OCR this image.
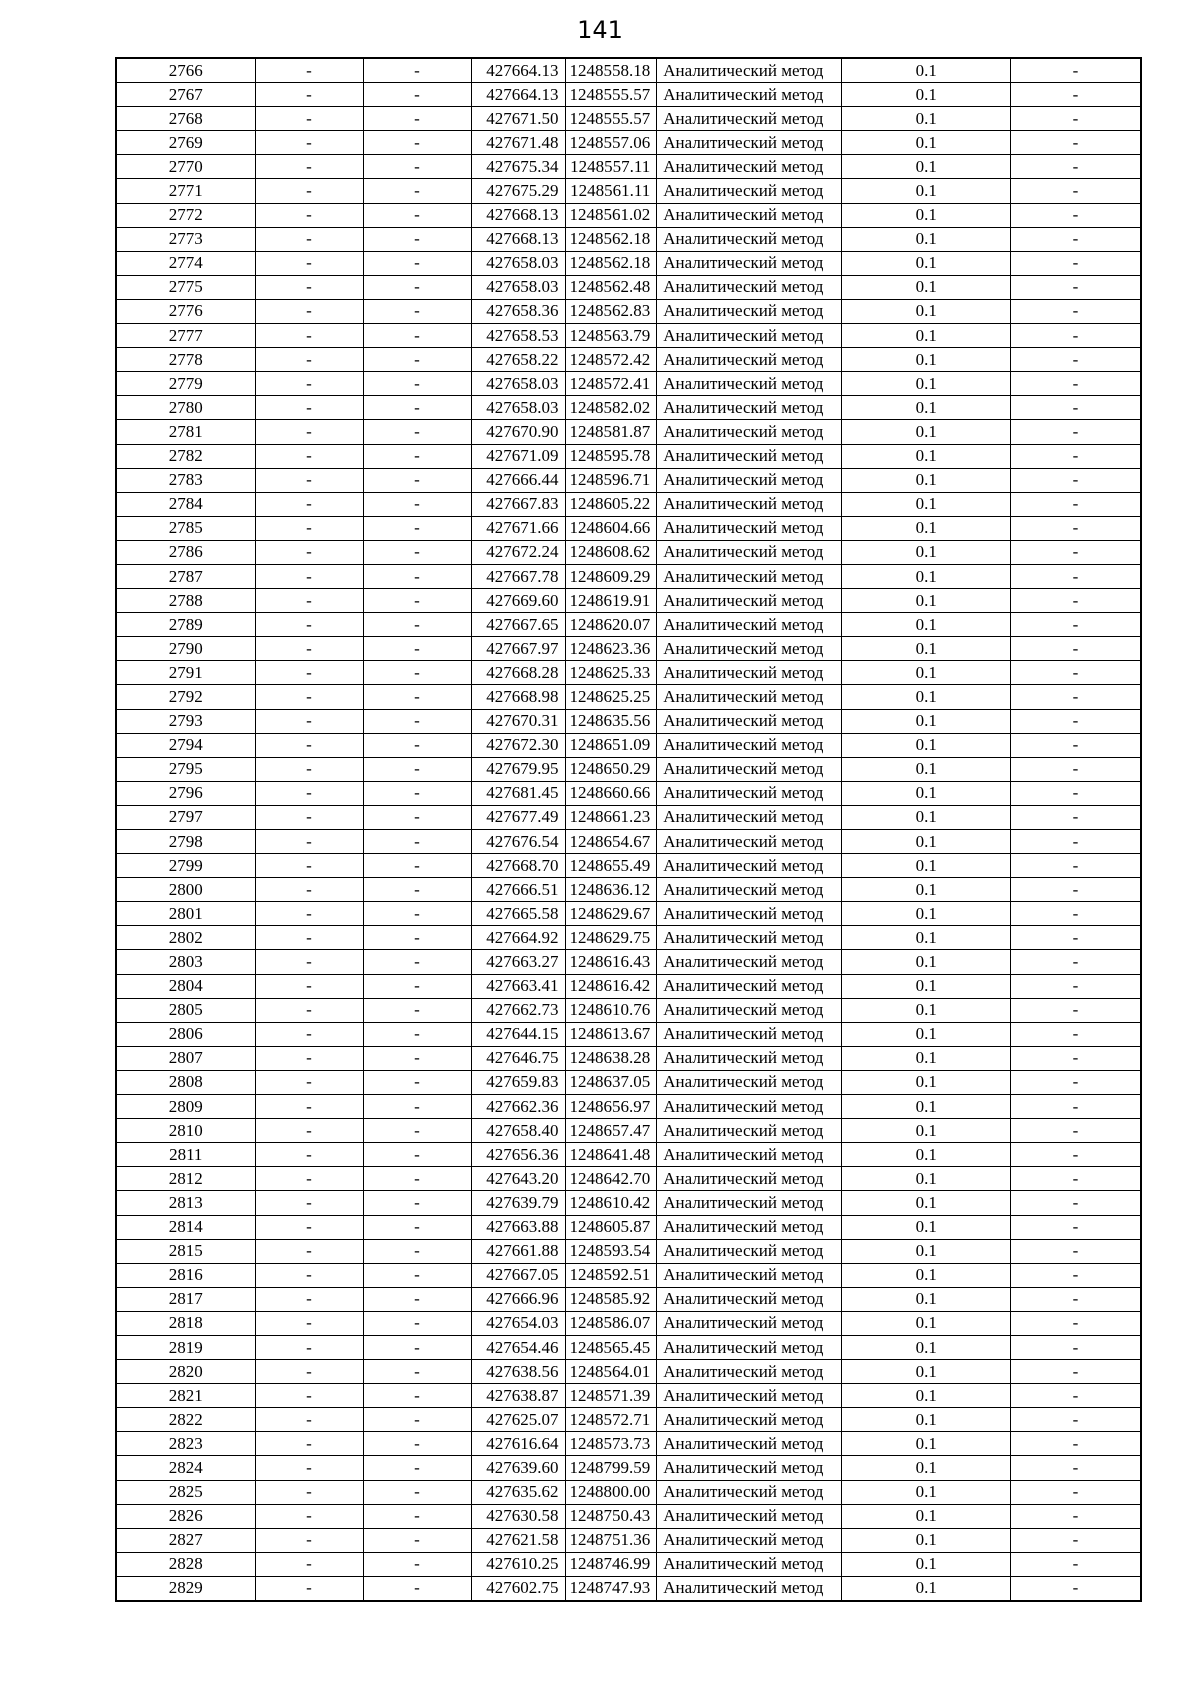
141
2766	-	-	427664.13	1248558.18	Аналитический метод	0.1	-
2767	-	-	427664.13	1248555.57	Аналитический метод	0.1	-
2768	-	-	427671.50	1248555.57	Аналитический метод	0.1	-
2769	-	-	427671.48	1248557.06	Аналитический метод	0.1	-
2770	-	-	427675.34	1248557.11	Аналитический метод	0.1	-
2771	-	-	427675.29	1248561.11	Аналитический метод	0.1	-
2772	-	-	427668.13	1248561.02	Аналитический метод	0.1	-
2773	-	-	427668.13	1248562.18	Аналитический метод	0.1	-
2774	-	-	427658.03	1248562.18	Аналитический метод	0.1	-
2775	-	-	427658.03	1248562.48	Аналитический метод	0.1	-
2776	-	-	427658.36	1248562.83	Аналитический метод	0.1	-
2777	-	-	427658.53	1248563.79	Аналитический метод	0.1	-
2778	-	-	427658.22	1248572.42	Аналитический метод	0.1	-
2779	-	-	427658.03	1248572.41	Аналитический метод	0.1	-
2780	-	-	427658.03	1248582.02	Аналитический метод	0.1	-
2781	-	-	427670.90	1248581.87	Аналитический метод	0.1	-
2782	-	-	427671.09	1248595.78	Аналитический метод	0.1	-
2783	-	-	427666.44	1248596.71	Аналитический метод	0.1	-
2784	-	-	427667.83	1248605.22	Аналитический метод	0.1	-
2785	-	-	427671.66	1248604.66	Аналитический метод	0.1	-
2786	-	-	427672.24	1248608.62	Аналитический метод	0.1	-
2787	-	-	427667.78	1248609.29	Аналитический метод	0.1	-
2788	-	-	427669.60	1248619.91	Аналитический метод	0.1	-
2789	-	-	427667.65	1248620.07	Аналитический метод	0.1	-
2790	-	-	427667.97	1248623.36	Аналитический метод	0.1	-
2791	-	-	427668.28	1248625.33	Аналитический метод	0.1	-
2792	-	-	427668.98	1248625.25	Аналитический метод	0.1	-
2793	-	-	427670.31	1248635.56	Аналитический метод	0.1	-
2794	-	-	427672.30	1248651.09	Аналитический метод	0.1	-
2795	-	-	427679.95	1248650.29	Аналитический метод	0.1	-
2796	-	-	427681.45	1248660.66	Аналитический метод	0.1	-
2797	-	-	427677.49	1248661.23	Аналитический метод	0.1	-
2798	-	-	427676.54	1248654.67	Аналитический метод	0.1	-
2799	-	-	427668.70	1248655.49	Аналитический метод	0.1	-
2800	-	-	427666.51	1248636.12	Аналитический метод	0.1	-
2801	-	-	427665.58	1248629.67	Аналитический метод	0.1	-
2802	-	-	427664.92	1248629.75	Аналитический метод	0.1	-
2803	-	-	427663.27	1248616.43	Аналитический метод	0.1	-
2804	-	-	427663.41	1248616.42	Аналитический метод	0.1	-
2805	-	-	427662.73	1248610.76	Аналитический метод	0.1	-
2806	-	-	427644.15	1248613.67	Аналитический метод	0.1	-
2807	-	-	427646.75	1248638.28	Аналитический метод	0.1	-
2808	-	-	427659.83	1248637.05	Аналитический метод	0.1	-
2809	-	-	427662.36	1248656.97	Аналитический метод	0.1	-
2810	-	-	427658.40	1248657.47	Аналитический метод	0.1	-
2811	-	-	427656.36	1248641.48	Аналитический метод	0.1	-
2812	-	-	427643.20	1248642.70	Аналитический метод	0.1	-
2813	-	-	427639.79	1248610.42	Аналитический метод	0.1	-
2814	-	-	427663.88	1248605.87	Аналитический метод	0.1	-
2815	-	-	427661.88	1248593.54	Аналитический метод	0.1	-
2816	-	-	427667.05	1248592.51	Аналитический метод	0.1	-
2817	-	-	427666.96	1248585.92	Аналитический метод	0.1	-
2818	-	-	427654.03	1248586.07	Аналитический метод	0.1	-
2819	-	-	427654.46	1248565.45	Аналитический метод	0.1	-
2820	-	-	427638.56	1248564.01	Аналитический метод	0.1	-
2821	-	-	427638.87	1248571.39	Аналитический метод	0.1	-
2822	-	-	427625.07	1248572.71	Аналитический метод	0.1	-
2823	-	-	427616.64	1248573.73	Аналитический метод	0.1	-
2824	-	-	427639.60	1248799.59	Аналитический метод	0.1	-
2825	-	-	427635.62	1248800.00	Аналитический метод	0.1	-
2826	-	-	427630.58	1248750.43	Аналитический метод	0.1	-
2827	-	-	427621.58	1248751.36	Аналитический метод	0.1	-
2828	-	-	427610.25	1248746.99	Аналитический метод	0.1	-
2829	-	-	427602.75	1248747.93	Аналитический метод	0.1	-
